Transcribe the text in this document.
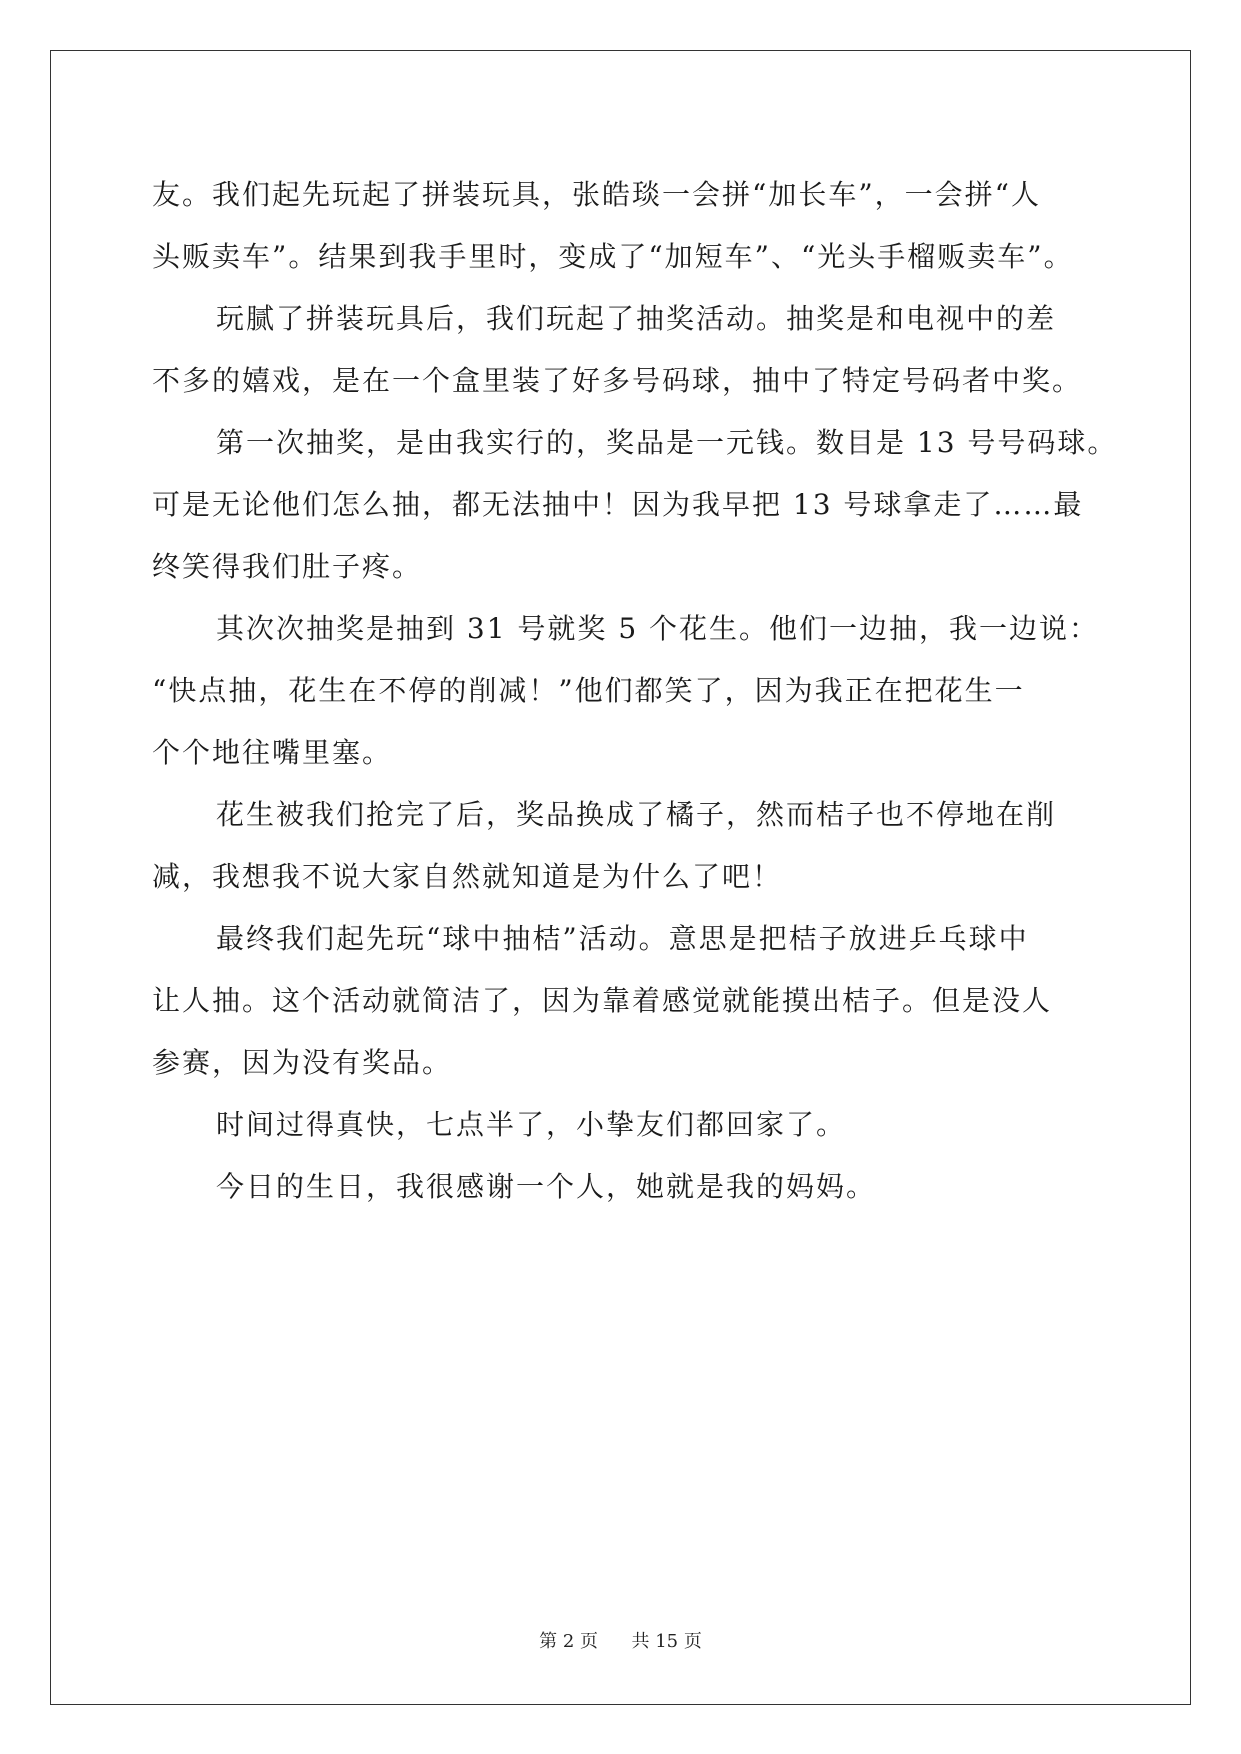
友。我们起先玩起了拼装玩具，张皓琰一会拼“加长车”，一会拼“人

头贩卖车”。结果到我手里时，变成了“加短车”、“光头手榴贩卖车”。

玩腻了拼装玩具后，我们玩起了抽奖活动。抽奖是和电视中的差

不多的嬉戏，是在一个盒里装了好多号码球，抽中了特定号码者中奖。

第一次抽奖，是由我实行的，奖品是一元钱。数目是 13 号号码球。

可是无论他们怎么抽，都无法抽中！因为我早把 13 号球拿走了……最

终笑得我们肚子疼。

其次次抽奖是抽到 31 号就奖 5 个花生。他们一边抽，我一边说：

“快点抽，花生在不停的削减！”他们都笑了，因为我正在把花生一

个个地往嘴里塞。

花生被我们抢完了后，奖品换成了橘子，然而桔子也不停地在削

减，我想我不说大家自然就知道是为什么了吧！

最终我们起先玩“球中抽桔”活动。意思是把桔子放进乒乓球中

让人抽。这个活动就简洁了，因为靠着感觉就能摸出桔子。但是没人

参赛，因为没有奖品。

时间过得真快，七点半了，小挚友们都回家了。

今日的生日，我很感谢一个人，她就是我的妈妈。

第 2 页 共 15 页
